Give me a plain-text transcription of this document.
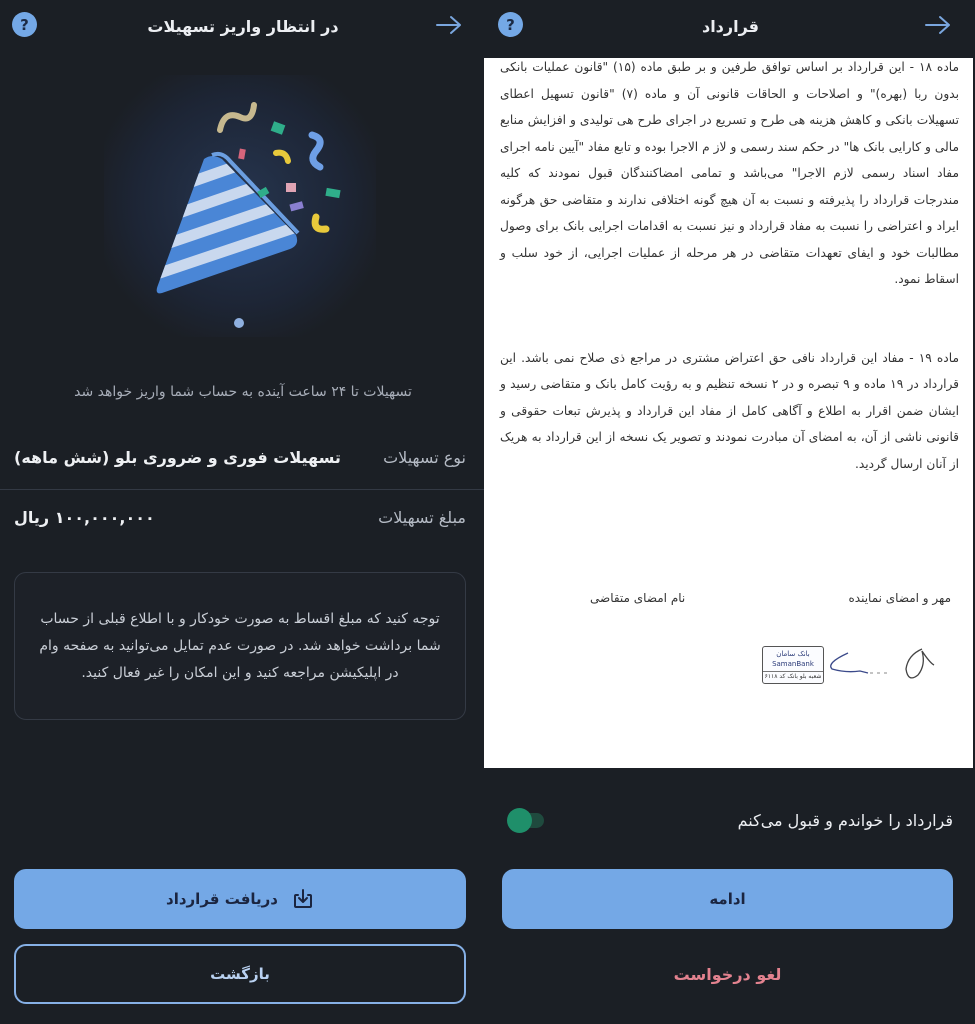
در انتظار واریز تسهیلات
?

تسهیلات تا ۲۴ ساعت آینده به حساب شما واریز خواهد شد

نوع تسهیلات
تسهیلات فوری و ضروری بلو (شش ماهه)
مبلغ تسهیلات
۱۰۰,۰۰۰,۰۰۰ ریال

توجه کنید که مبلغ اقساط به صورت خودکار و با اطلاع قبلی از حساب شما برداشت خواهد شد. در صورت عدم تمایل می‌توانید به صفحه وام در اپلیکیشن مراجعه کنید و این امکان را غیر فعال کنید.

دریافت قرارداد
بازگشت
قرارداد
?

ماده ۱۸ - این قرارداد بر اساس توافق طرفین و بر طبق ماده (۱۵) "قانون عملیات بانکی بدون ربا (بهره)" و اصلاحات و الحاقات قانونی آن و ماده (۷) "قانون تسهیل اعطای تسهیلات بانکی و کاهش هزینه هی طرح و تسریع در اجرای طرح هی تولیدی و افزایش منابع مالی و کارایی بانک ها" در حکم سند رسمی و لاز م الاجرا بوده و تابع مفاد "آیین نامه اجرای مفاد اسناد رسمی لازم الاجرا" می‌باشد و تمامی امضاکنندگان قبول نمودند که کلیه مندرجات قرارداد را پذیرفته و نسبت به آن هیچ گونه اختلافی ندارند و متقاضی حق هرگونه ایراد و اعتراضی را نسبت به مفاد قرارداد و نیز نسبت به اقدامات اجرایی بانک برای وصول مطالبات خود و ایفای تعهدات متقاضی در هر مرحله از عملیات اجرایی، از خود سلب و اسقاط نمود.

ماده ۱۹ - مفاد این قرارداد نافی حق اعتراض مشتری در مراجع ذی صلاح نمی باشد. این قرارداد در ۱۹ ماده و ۹ تبصره و در ۲ نسخه تنظیم و به رؤیت کامل بانک و متقاضی رسید و ایشان ضمن اقرار به اطلاع و آگاهی کامل از مفاد این قرارداد و پذیرش تبعات حقوقی و قانونی ناشی از آن، به امضای آن مبادرت نمودند و تصویر یک نسخه از این قرارداد به هریک از آنان ارسال گردید.

مهر و امضای نماینده
نام امضای متقاضی
بانک سامان
SamanBank
شعبه بلو بانک کد ۶۱۱۸
قرارداد را خواندم و قبول می‌کنم
ادامه
لغو درخواست
